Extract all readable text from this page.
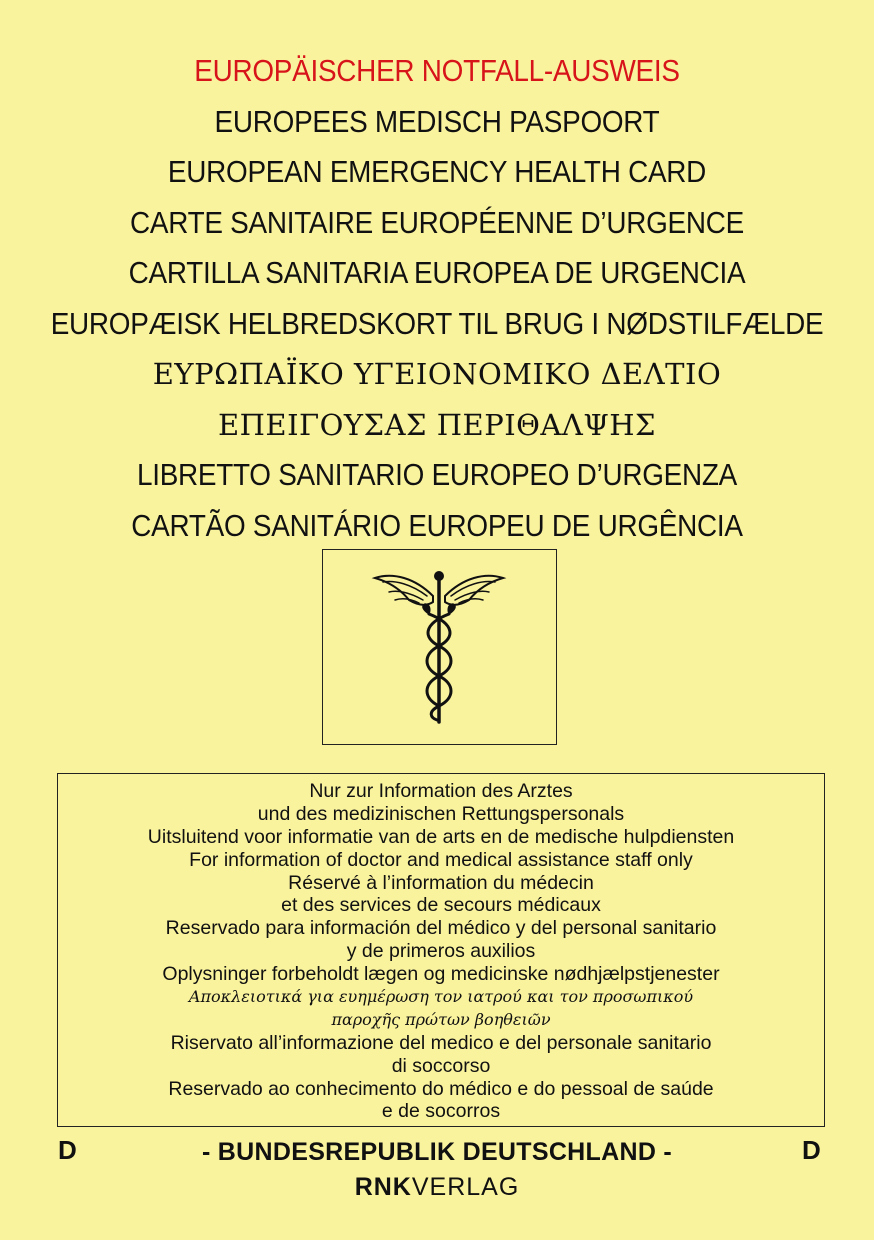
EUROPÄISCHER NOTFALL-AUSWEIS
EUROPEES MEDISCH PASPOORT
EUROPEAN EMERGENCY HEALTH CARD
CARTE SANITAIRE EUROPÉENNE D’URGENCE
CARTILLA SANITARIA EUROPEA DE URGENCIA
EUROPÆISK HELBREDSKORT TIL BRUG I NØDSTILFÆLDE
ΕΥΡΩΠΑΪΚΟ ΥΓΕΙΟΝΟΜΙΚΟ ΔΕΛΤΙΟ
ΕΠΕΙΓΟΥΣΑΣ ΠΕΡΙΘΑΛΨΗΣ
LIBRETTO SANITARIO EUROPEO D’URGENZA
CARTÃO SANITÁRIO EUROPEU DE URGÊNCIA
Nur zur Information des Arztes
und des medizinischen Rettungspersonals
Uitsluitend voor informatie van de arts en de medische hulpdiensten
For information of doctor and medical assistance staff only
Réservé à l’information du médecin
et des services de secours médicaux
Reservado para información del médico y del personal sanitario
y de primeros auxilios
Oplysninger forbeholdt lægen og medicinske nødhjælpstjenester
Αποκλειοτικά για ευημέρωση τον ιατρού και τον προσωπικού
παροχῆς πρώτων βοηθειῶν
Riservato all’informazione del medico e del personale sanitario
di soccorso
Reservado ao conhecimento do médico e do pessoal de saúde
e de socorros
D	- BUNDESREPUBLIK DEUTSCHLAND -	D
RNKVERLAG
